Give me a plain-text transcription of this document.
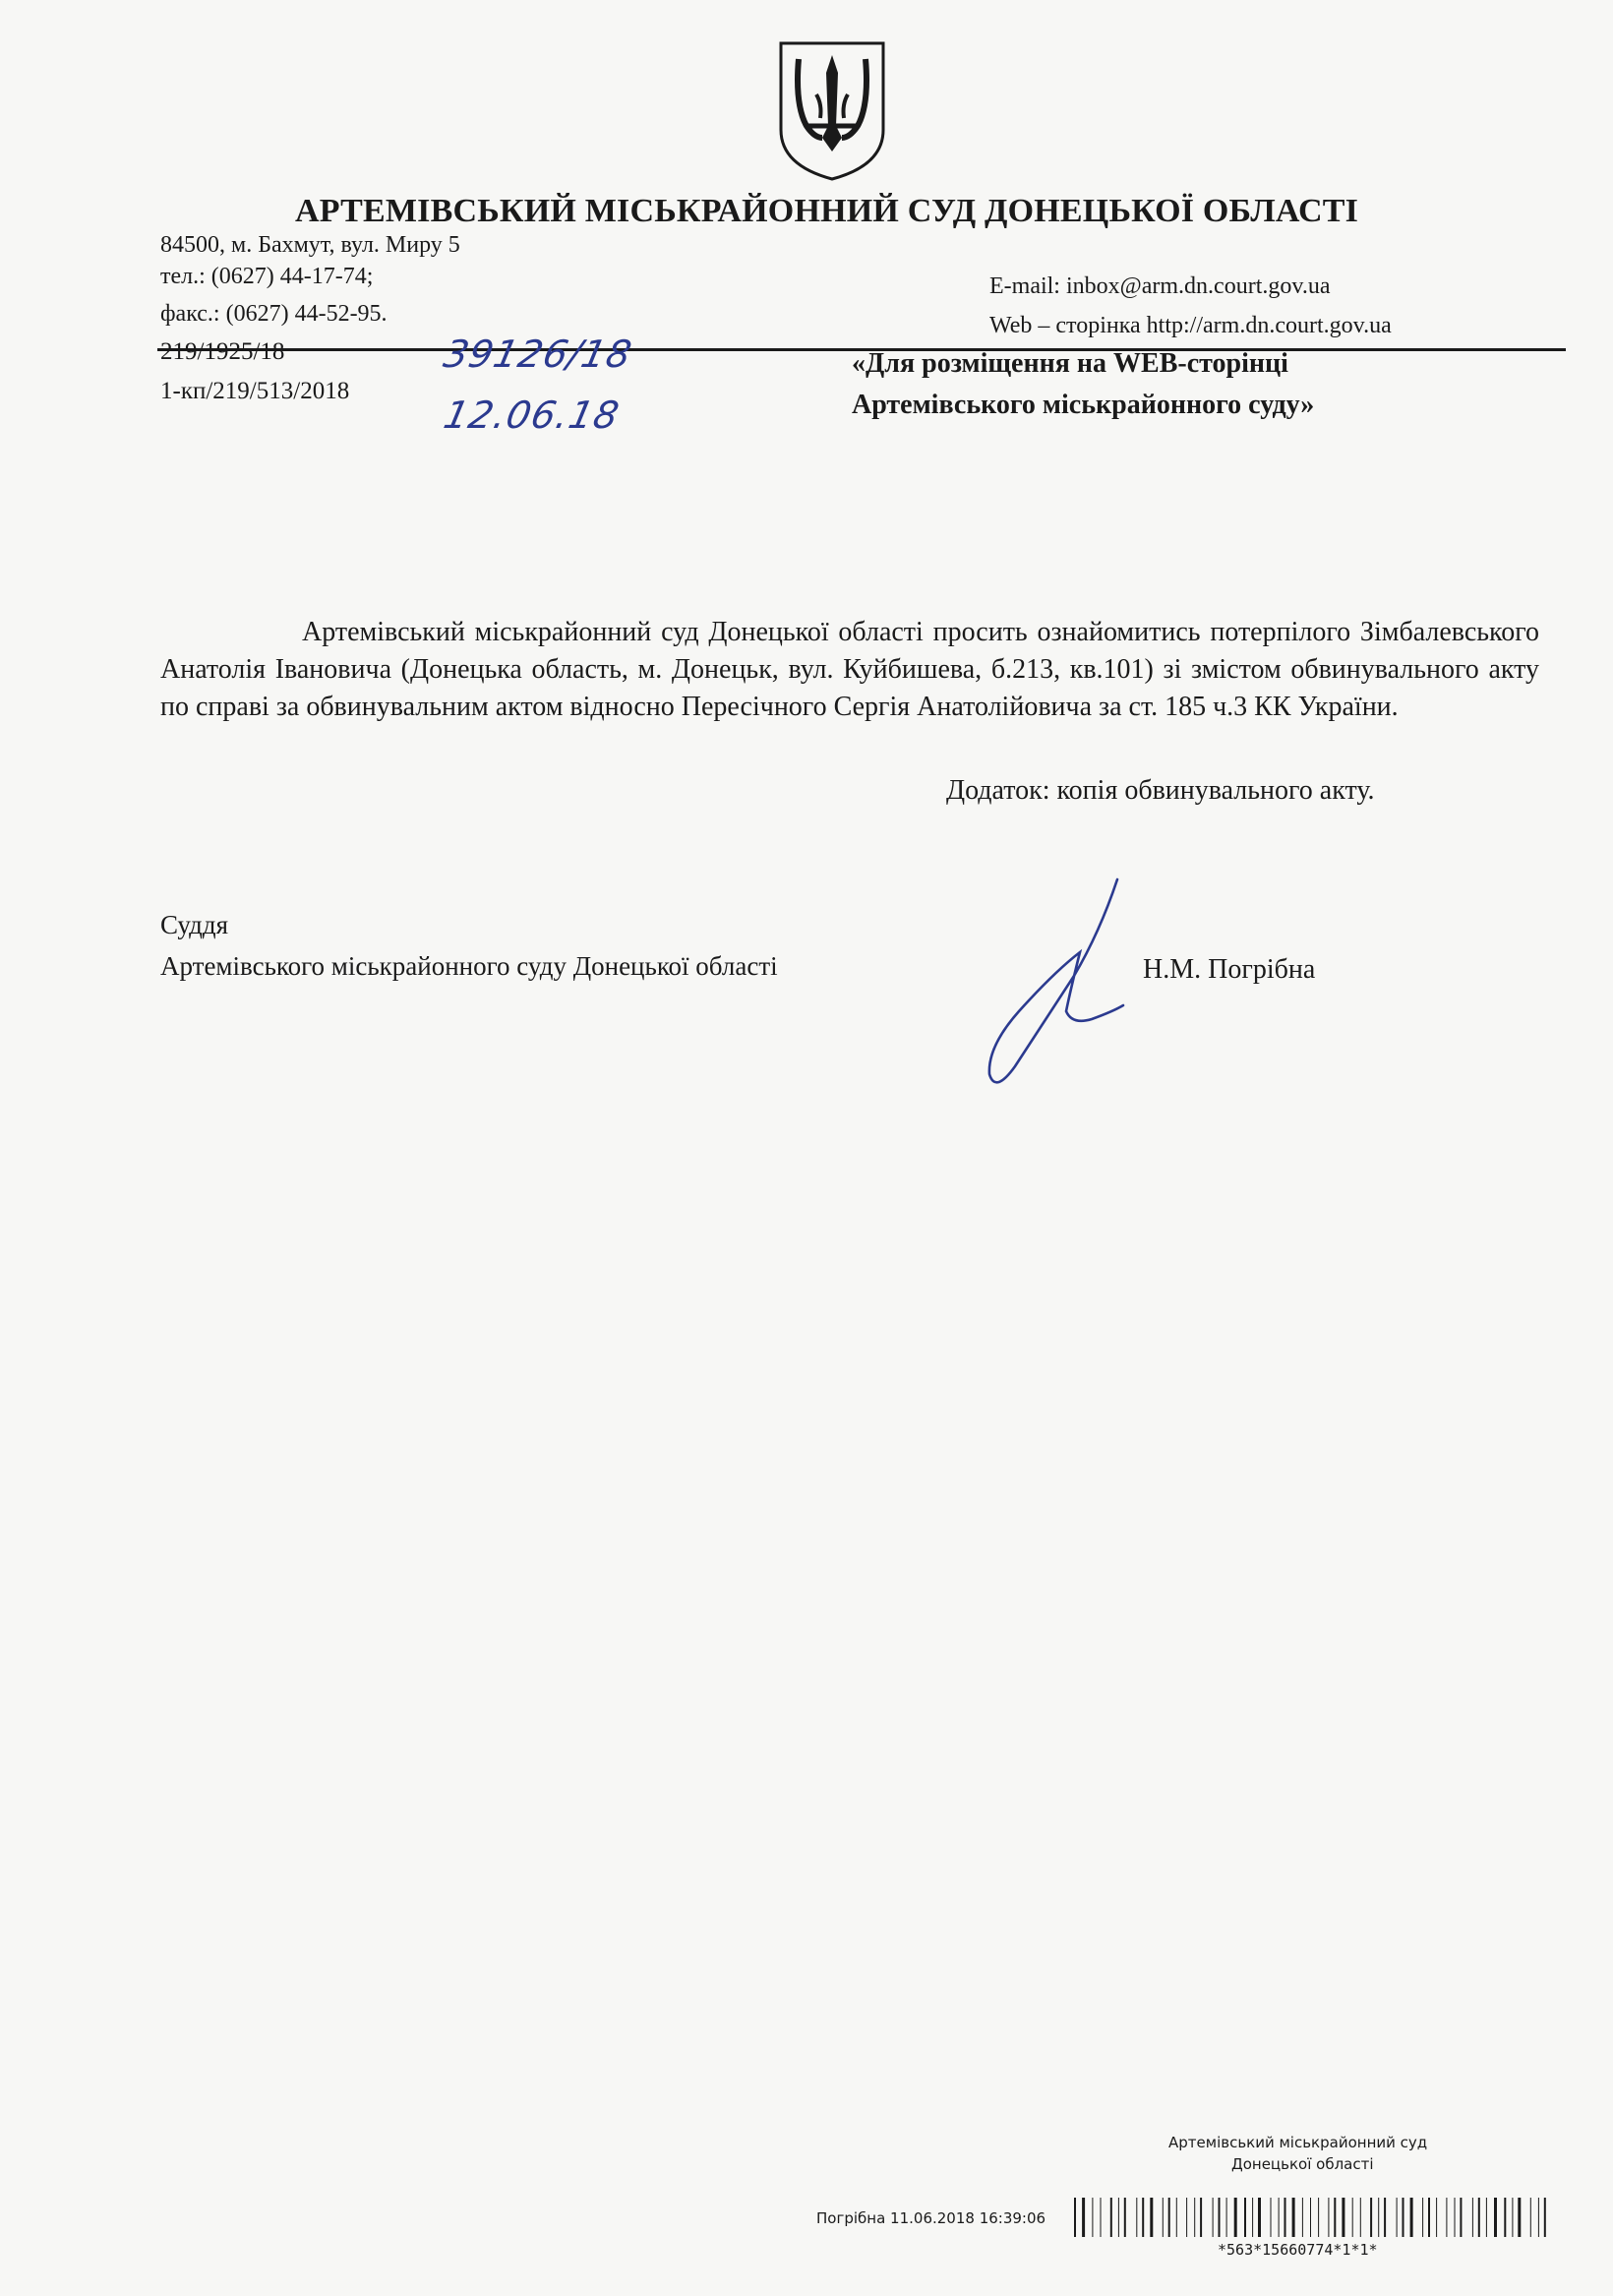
АРТЕМІВСЬКИЙ МІСЬКРАЙОННИЙ СУД ДОНЕЦЬКОЇ ОБЛАСТІ
84500, м. Бахмут, вул. Миру 5
тел.: (0627) 44-17-74;
факс.: (0627) 44-52-95.
E-mail: inbox@arm.dn.court.gov.ua
Web – сторінка http://arm.dn.court.gov.ua
219/1925/18
1-кп/219/513/2018
39126/18
12.06.18
«Для розміщення на WEB-сторінці
Артемівського міськрайонного суду»

Артемівський міськрайонний суд Донецької області просить ознайомитись потерпілого Зімбалевського Анатолія Івановича (Донецька область, м. Донецьк, вул. Куйбишева, б.213, кв.101) зі змістом обвинувального акту по справі за обвинувальним актом відносно Пересічного Сергія Анатолійовича за ст. 185 ч.3 КК України.

Додаток: копія обвинувального акту.
Суддя
Артемівського міськрайонного суду Донецької області	Н.М. Погрібна
Артемівський міськрайонний суд
Донецької області
Погрібна 11.06.2018 16:39:06
*563*15660774*1*1*
